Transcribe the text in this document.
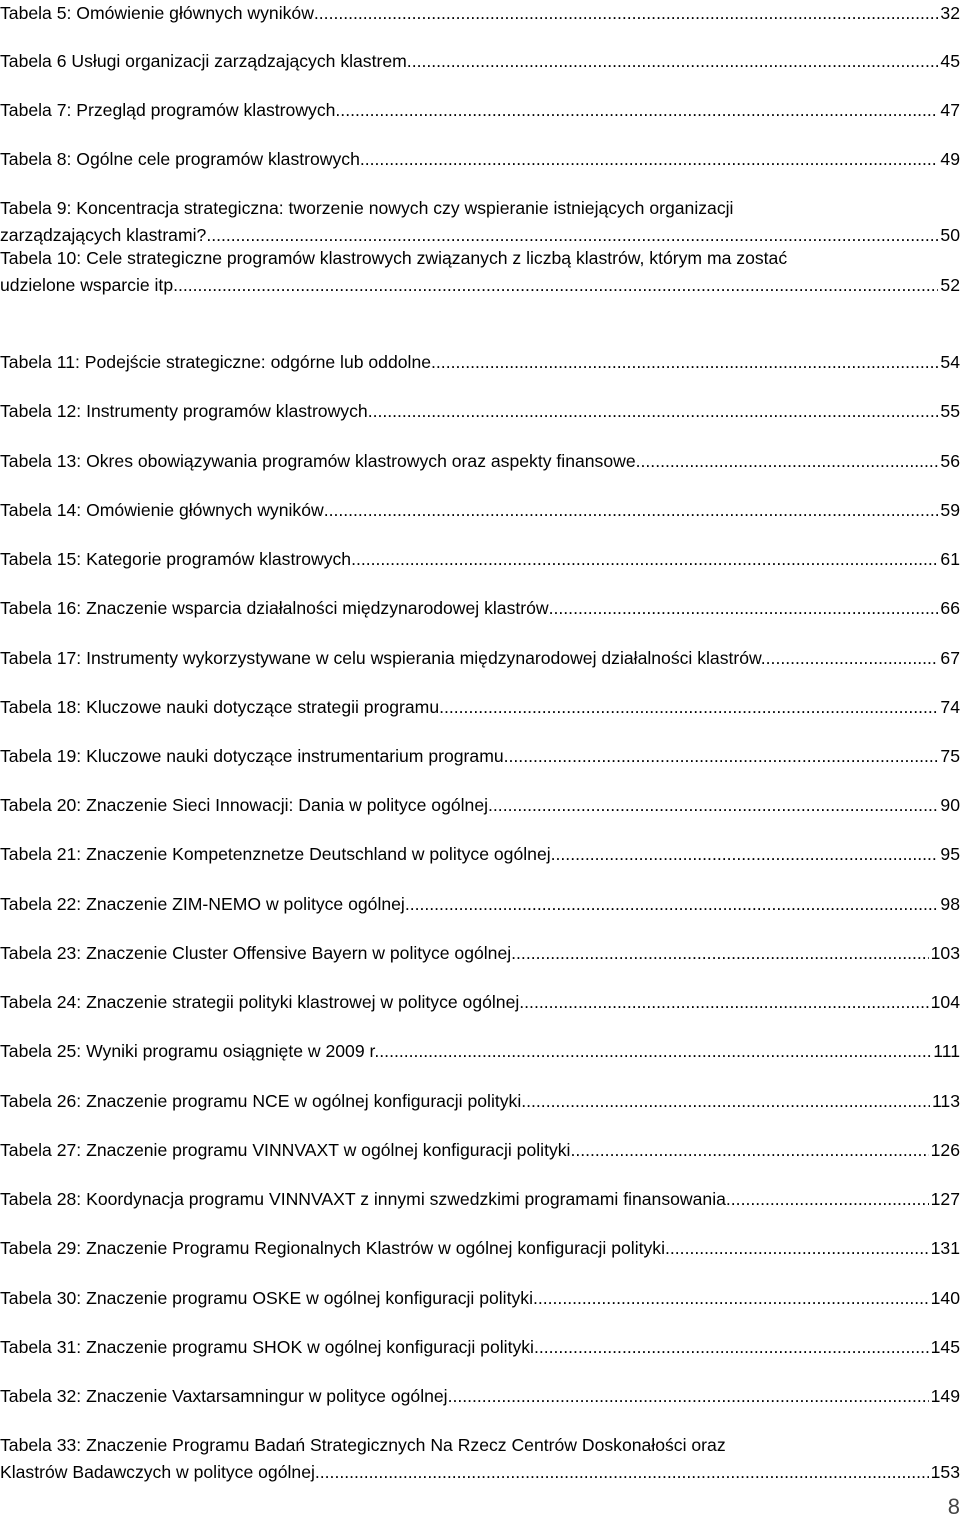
Tabela 5: Omówienie głównych wyników .....	32
Tabela 6 Usługi organizacji zarządzających klastrem. .....	45
Tabela 7: Przegląd programów klastrowych .....	47
Tabela 8: Ogólne cele programów klastrowych .....	49
Tabela 9: Koncentracja strategiczna: tworzenie nowych czy wspieranie istniejących organizacji
zarządzających klastrami? .....	50
Tabela 10: Cele strategiczne programów klastrowych związanych z liczbą klastrów, którym ma zostać
udzielone wsparcie itp. .....	52
Tabela 11: Podejście strategiczne: odgórne lub oddolne .....	54
Tabela 12: Instrumenty programów klastrowych .....	55
Tabela 13: Okres obowiązywania programów klastrowych oraz aspekty finansowe .....	56
Tabela 14: Omówienie głównych wyników .....	59
Tabela 15: Kategorie programów klastrowych .....	61
Tabela 16: Znaczenie wsparcia działalności międzynarodowej klastrów .....	66
Tabela 17: Instrumenty wykorzystywane w celu wspierania międzynarodowej działalności klastrów. .....	67
Tabela 18: Kluczowe nauki dotyczące strategii programu .....	74
Tabela 19: Kluczowe nauki dotyczące instrumentarium programu .....	75
Tabela 20: Znaczenie Sieci Innowacji: Dania w polityce ogólnej .....	90
Tabela 21: Znaczenie Kompetenznetze Deutschland w polityce ogólnej .....	95
Tabela 22: Znaczenie ZIM-NEMO w polityce ogólnej .....	98
Tabela 23: Znaczenie Cluster Offensive Bayern w polityce ogólnej .....	103
Tabela 24: Znaczenie strategii polityki klastrowej w polityce ogólnej .....	104
Tabela 25: Wyniki programu osiągnięte w 2009 r. .....	111
Tabela 26: Znaczenie programu NCE w ogólnej konfiguracji polityki .....	113
Tabela 27: Znaczenie programu VINNVAXT w ogólnej konfiguracji polityki .....	126
Tabela 28: Koordynacja programu VINNVAXT z innymi szwedzkimi programami finansowania .....	127
Tabela 29: Znaczenie Programu Regionalnych Klastrów w ogólnej konfiguracji polityki .....	131
Tabela 30: Znaczenie programu OSKE w ogólnej konfiguracji polityki .....	140
Tabela 31: Znaczenie programu SHOK w ogólnej konfiguracji polityki. .....	145
Tabela 32: Znaczenie Vaxtarsamningur w polityce ogólnej .....	149
Tabela 33: Znaczenie Programu Badań Strategicznych Na Rzecz Centrów Doskonałości oraz
Klastrów Badawczych w polityce ogólnej .....	153
8
